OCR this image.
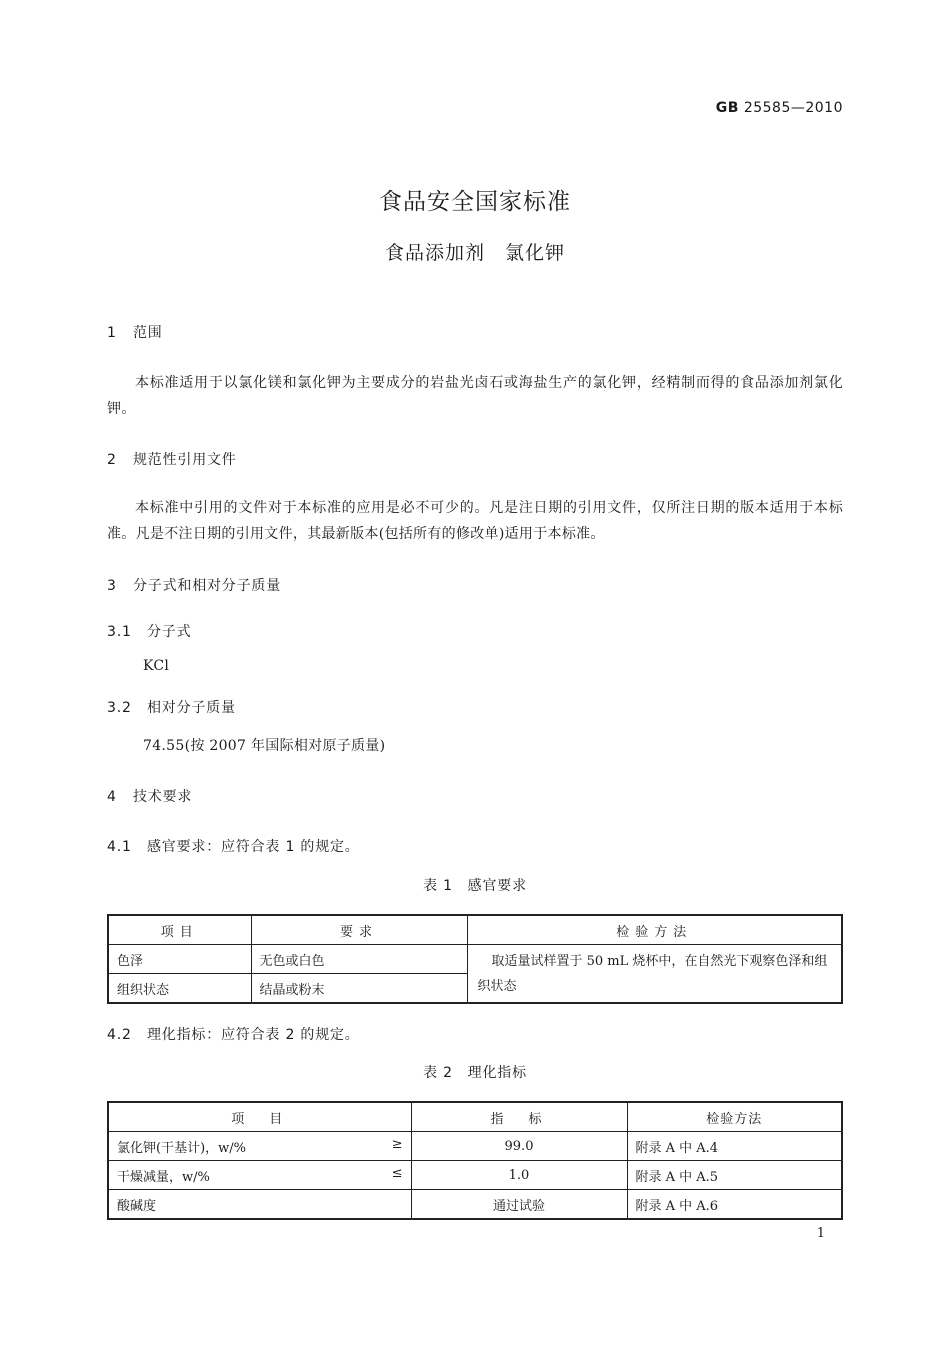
GB 25585—2010
食品安全国家标准
食品添加剂　氯化钾
1 范围
本标准适用于以氯化镁和氯化钾为主要成分的岩盐光卤石或海盐生产的氯化钾，经精制而得的食品添加剂氯化钾。
2 规范性引用文件
本标准中引用的文件对于本标准的应用是必不可少的。凡是注日期的引用文件，仅所注日期的版本适用于本标准。凡是不注日期的引用文件，其最新版本(包括所有的修改单)适用于本标准。
3 分子式和相对分子质量
3.1 分子式
KCl
3.2 相对分子质量
74.55(按 2007 年国际相对原子质量)
4 技术要求
4.1 感官要求：应符合表 1 的规定。
表 1　感官要求
项目	要求	检验方法
色泽	无色或白色	取适量试样置于 50 mL 烧杯中，在自然光下观察色泽和组织状态

组织状态	结晶或粉末	
4.2 理化指标：应符合表 2 的规定。
表 2　理化指标
项　目	指　标	检验方法
氯化钾(干基计)，w/% ≥	99.0	附录 A 中 A.4
干燥减量，w/% ≤	1.0	附录 A 中 A.5
酸碱度	通过试验	附录 A 中 A.6
1
